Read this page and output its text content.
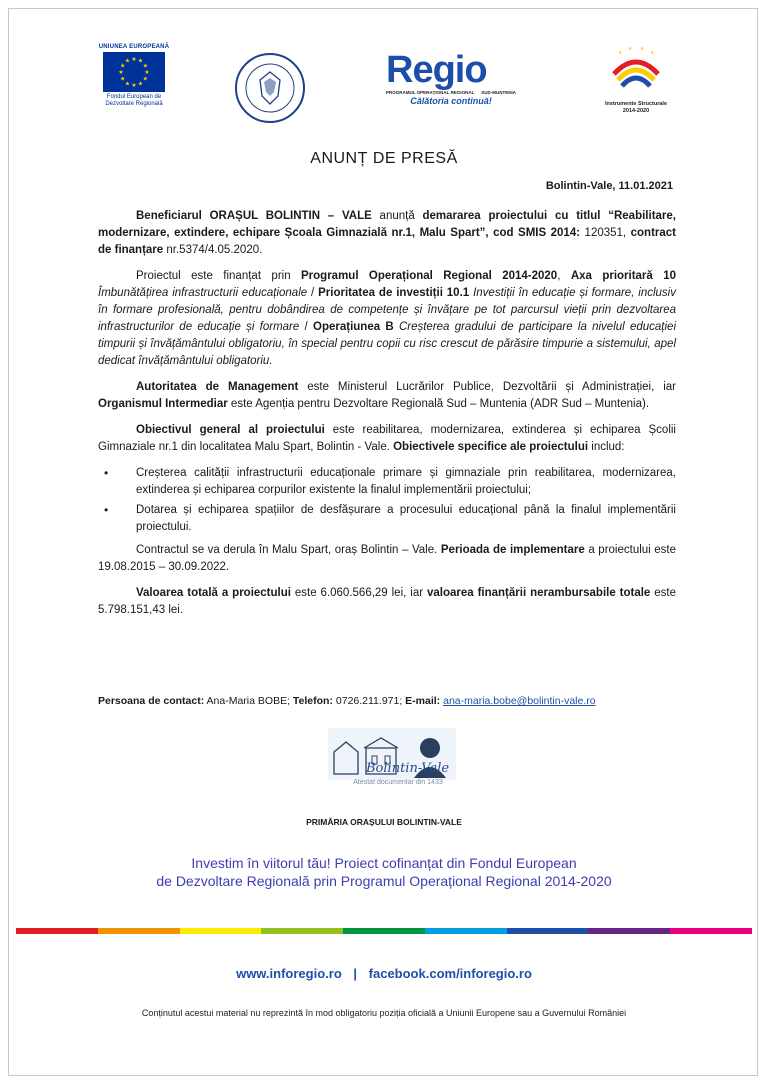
UNIUNEA EUROPEANĂ
★ ★
★
★
★
★
★
★
★
★
★
★
Fondul European de
Dezvoltare Regională
Regio
PROGRAMUL OPERAȚIONAL REGIONAL SUD-MUNTENIA
Călătoria continuă!
★
★ ★
★
Instrumente Structurale
2014-2020
ANUNȚ DE PRESĂ
Bolintin-Vale, 11.01.2021

Beneficiarul ORAȘUL BOLINTIN – VALE anunță demararea proiectului cu titlul “Reabilitare, modernizare, extindere, echipare Școala Gimnazială nr.1, Malu Spart”, cod SMIS 2014: 120351, contract de finanțare nr.5374/4.05.2020.

Proiectul este finanțat prin Programul Operațional Regional 2014-2020, Axa prioritară 10 Îmbunătățirea infrastructurii educaționale / Prioritatea de investiții 10.1 Investiții în educație și formare, inclusiv în formare profesională, pentru dobândirea de competențe și învățare pe tot parcursul vieții prin dezvoltarea infrastructurilor de educație și formare / Operațiunea B Creșterea gradului de participare la nivelul educației timpurii și învățământului obligatoriu, în special pentru copii cu risc crescut de părăsire timpurie a sistemului, apel dedicat învățământului obligatoriu.

Autoritatea de Management este Ministerul Lucrărilor Publice, Dezvoltării și Administrației, iar Organismul Intermediar este Agenția pentru Dezvoltare Regională Sud – Muntenia (ADR Sud – Muntenia).

Obiectivul general al proiectului este reabilitarea, modernizarea, extinderea și echiparea Școlii Gimnaziale nr.1 din localitatea Malu Spart, Bolintin - Vale. Obiectivele specifice ale proiectului includ:

• Creșterea calității infrastructurii educaționale primare și gimnaziale prin reabilitarea, modernizarea, extinderea și echiparea corpurilor existente la finalul implementării proiectului;
• Dotarea și echiparea spațiilor de desfășurare a procesului educațional până la finalul implementării proiectului.

Contractul se va derula în Malu Spart, oraș Bolintin – Vale. Perioada de implementare a proiectului este 19.08.2015 – 30.09.2022.

Valoarea totală a proiectului este 6.060.566,29 lei, iar valoarea finanțării nerambursabile totale este 5.798.151,43 lei.

Persoana de contact: Ana-Maria BOBE; Telefon: 0726.211.971; E-mail: ana-maria.bobe@bolintin-vale.ro
Bolintin-Vale
Atestat documentar din 1433
PRIMĂRIA ORAȘULUI BOLINTIN-VALE
Investim în viitorul tău! Proiect cofinanțat din Fondul European
de Dezvoltare Regională prin Programul Operațional Regional 2014-2020
www.inforegio.ro | facebook.com/inforegio.ro
Conținutul acestui material nu reprezintă în mod obligatoriu poziția oficială a Uniunii Europene sau a Guvernului României
